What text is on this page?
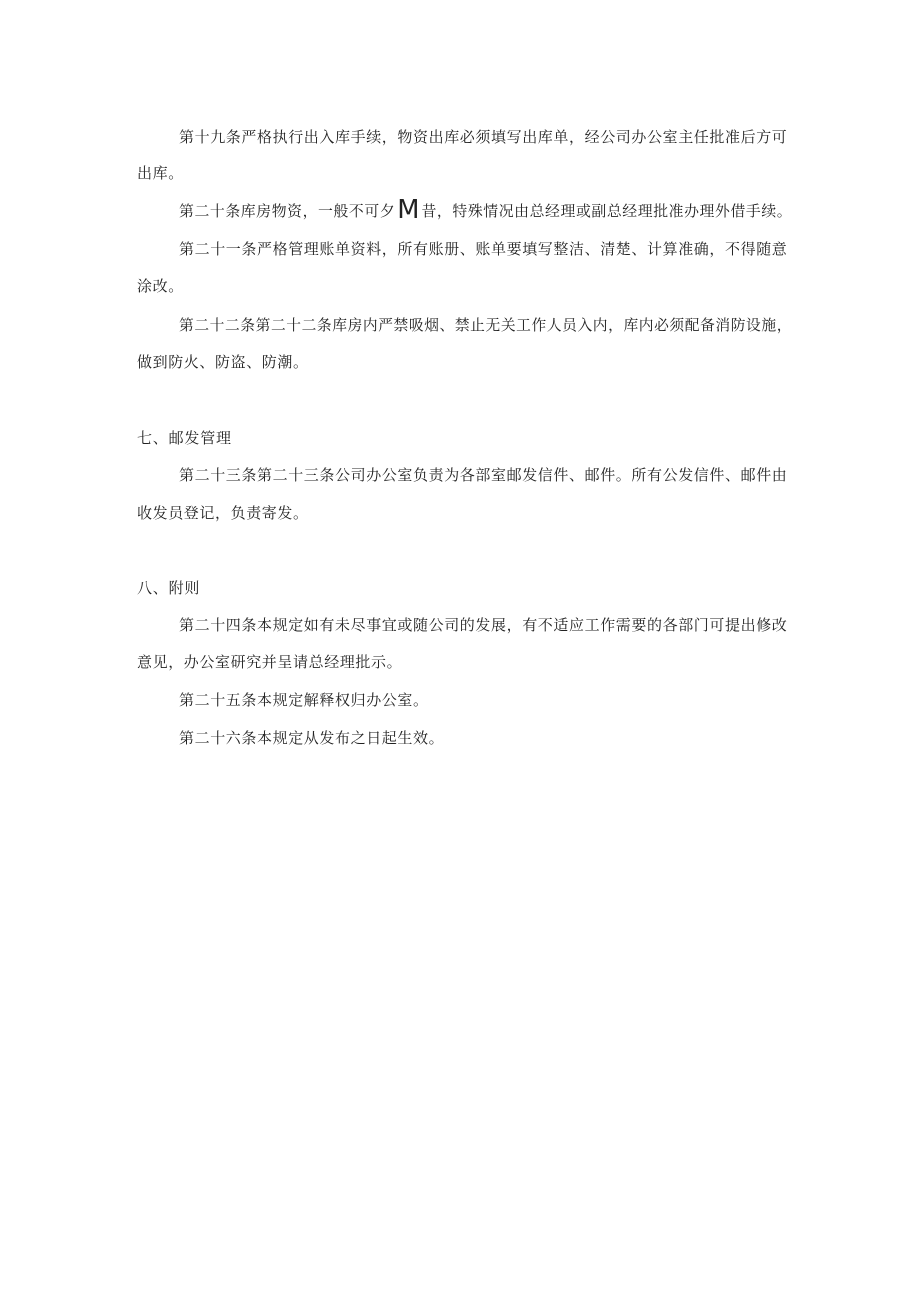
第十九条严格执行出入库手续，物资出库必须填写出库单，经公司办公室主任批准后方可
出库。
第二十条库房物资，一般不可夕M 昔，特殊情况由总经理或副总经理批准办理外借手续。
第二十一条严格管理账单资料，所有账册、账单要填写整洁、清楚、计算准确，不得随意
涂改。
第二十二条第二十二条库房内严禁吸烟、禁止无关工作人员入内，库内必须配备消防设施，
做到防火、防盗、防潮。
七、邮发管理
第二十三条第二十三条公司办公室负责为各部室邮发信件、邮件。所有公发信件、邮件由
收发员登记，负责寄发。
八、附则
第二十四条本规定如有未尽事宜或随公司的发展，有不适应工作需要的各部门可提出修改
意见，办公室研究并呈请总经理批示。
第二十五条本规定解释权归办公室。
第二十六条本规定从发布之日起生效。
